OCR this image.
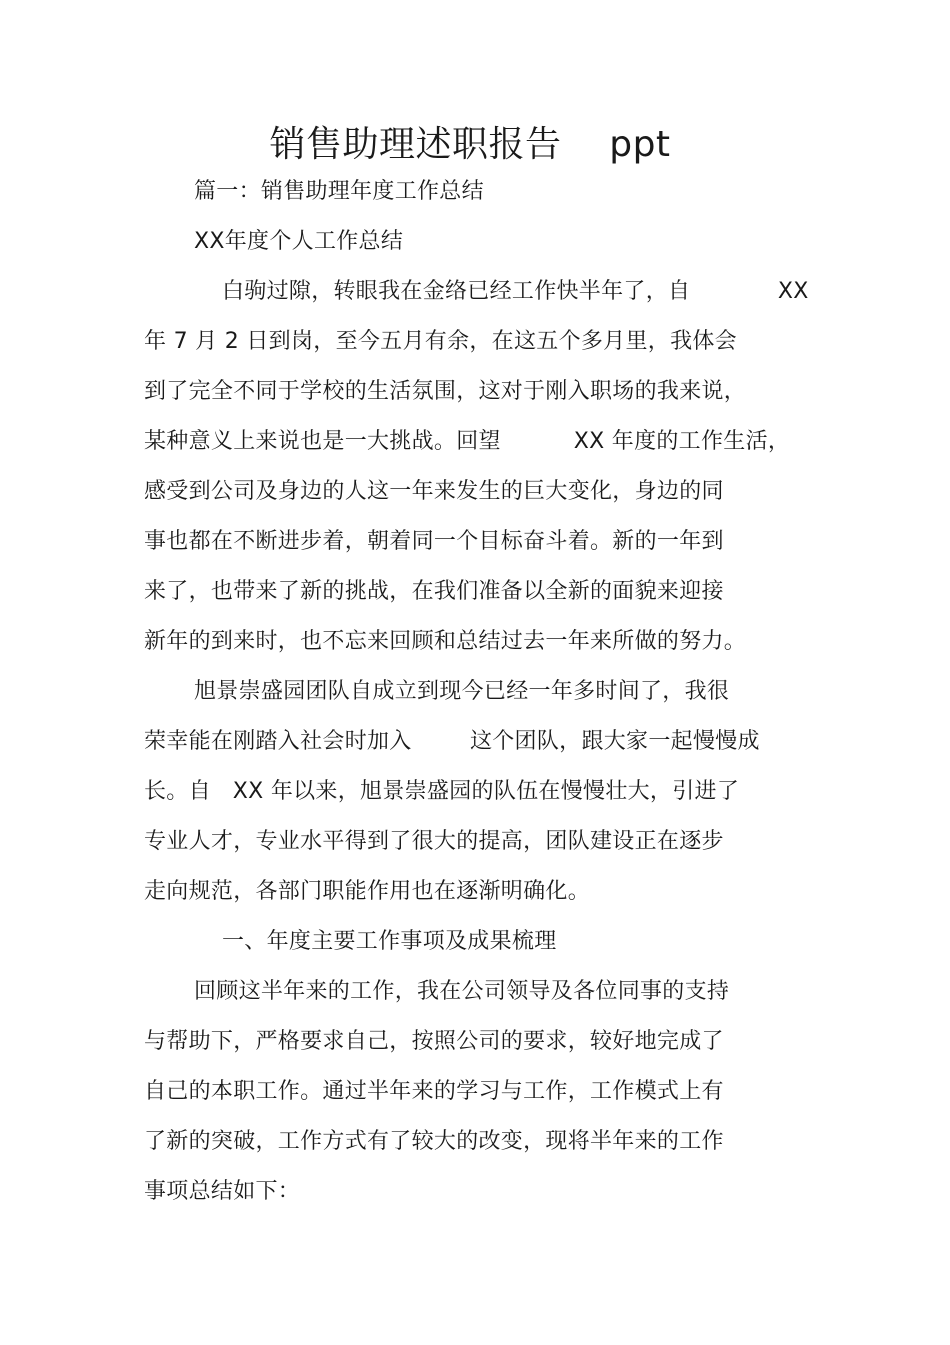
销售助理述职报告    ppt
篇一：销售助理年度工作总结
XX年度个人工作总结
白驹过隙，转眼我在金络已经工作快半年了，自            XX
年 7 月 2 日到岗，至今五月有余，在这五个多月里，我体会
到了完全不同于学校的生活氛围，这对于刚入职场的我来说，
某种意义上来说也是一大挑战。回望          XX 年度的工作生活，
感受到公司及身边的人这一年来发生的巨大变化，身边的同
事也都在不断进步着，朝着同一个目标奋斗着。新的一年到
来了，也带来了新的挑战，在我们准备以全新的面貌来迎接
新年的到来时，也不忘来回顾和总结过去一年来所做的努力。
旭景崇盛园团队自成立到现今已经一年多时间了，我很
荣幸能在刚踏入社会时加入        这个团队，跟大家一起慢慢成
长。自   XX 年以来，旭景崇盛园的队伍在慢慢壮大，引进了
专业人才，专业水平得到了很大的提高，团队建设正在逐步
走向规范，各部门职能作用也在逐渐明确化。
一、年度主要工作事项及成果梳理
回顾这半年来的工作，我在公司领导及各位同事的支持
与帮助下，严格要求自己，按照公司的要求，较好地完成了
自己的本职工作。通过半年来的学习与工作，工作模式上有
了新的突破，工作方式有了较大的改变，现将半年来的工作
事项总结如下：
